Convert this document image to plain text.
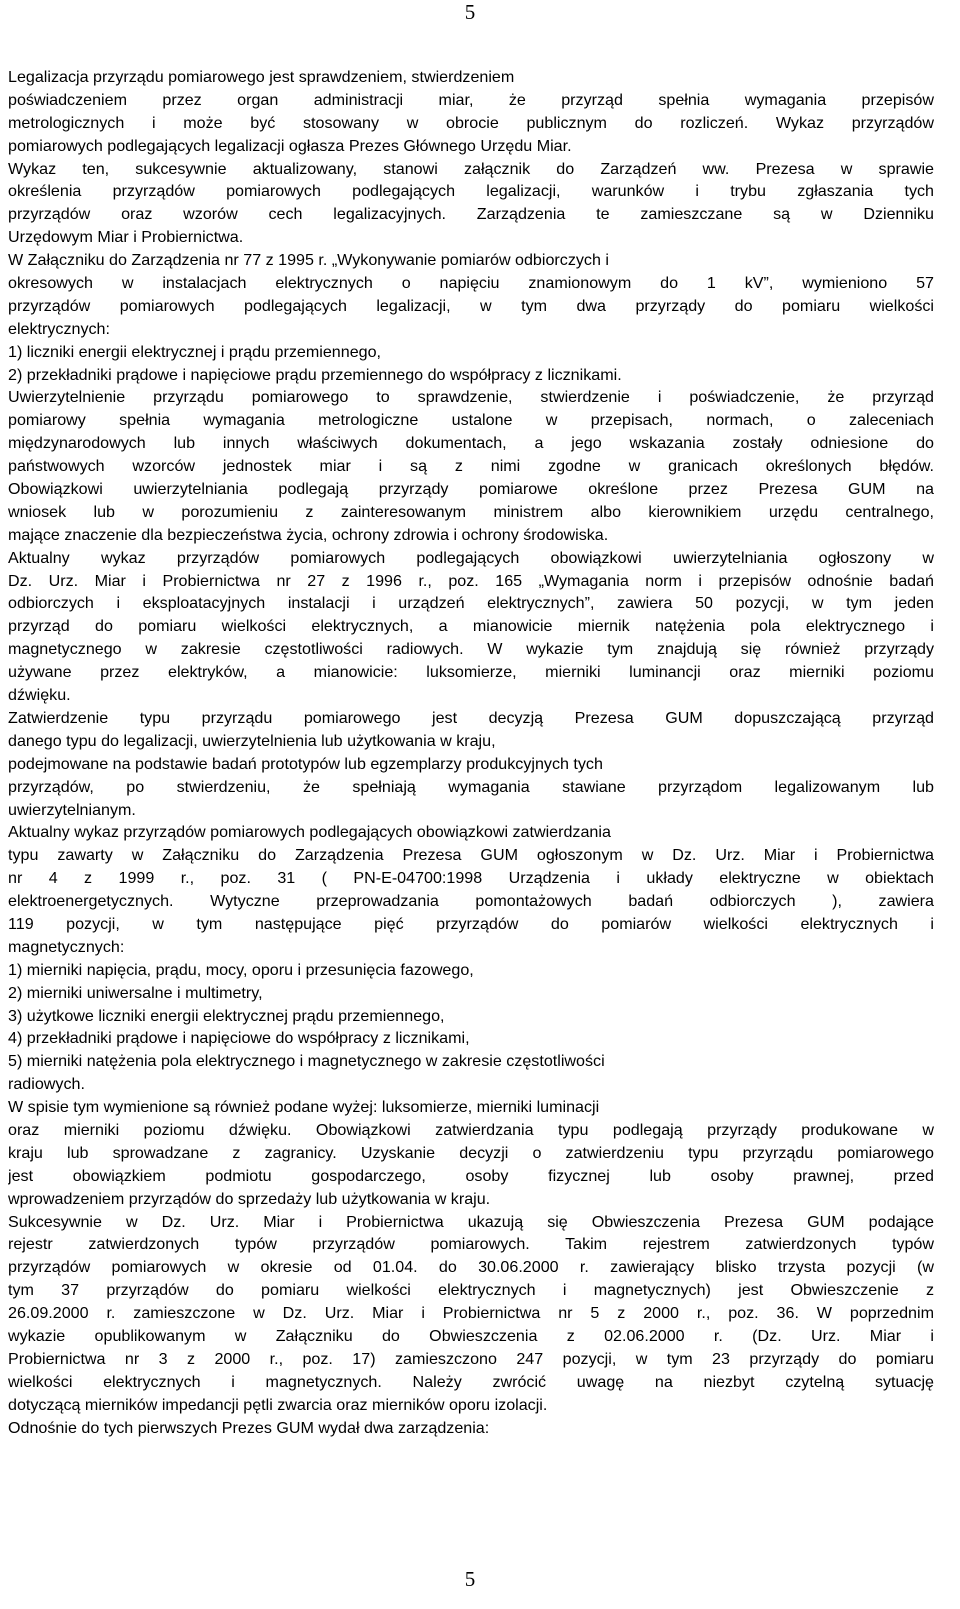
5
Legalizacja przyrządu pomiarowego jest sprawdzeniem, stwierdzeniem
poświadczeniem przez organ administracji miar, że przyrząd spełnia wymagania przepisów
metrologicznych i może być stosowany w obrocie publicznym do rozliczeń. Wykaz przyrządów
pomiarowych podlegających legalizacji ogłasza Prezes Głównego Urzędu Miar.
Wykaz ten, sukcesywnie aktualizowany, stanowi załącznik do Zarządzeń ww. Prezesa w sprawie
określenia przyrządów pomiarowych podlegających legalizacji, warunków i trybu zgłaszania tych
przyrządów oraz wzorów cech legalizacyjnych. Zarządzenia te zamieszczane są w Dzienniku
Urzędowym Miar i Probiernictwa.
W Załączniku do Zarządzenia nr 77 z 1995 r. „Wykonywanie pomiarów odbiorczych i
okresowych w instalacjach elektrycznych o napięciu znamionowym do 1 kV”, wymieniono 57
przyrządów pomiarowych podlegających legalizacji, w tym dwa przyrządy do pomiaru wielkości
elektrycznych:
1) liczniki energii elektrycznej i prądu przemiennego,
2) przekładniki prądowe i napięciowe prądu przemiennego do współpracy z licznikami.
Uwierzytelnienie przyrządu pomiarowego to sprawdzenie, stwierdzenie i poświadczenie, że przyrząd
pomiarowy spełnia wymagania metrologiczne ustalone w przepisach, normach, o zaleceniach
międzynarodowych lub innych właściwych dokumentach, a jego wskazania zostały odniesione do
państwowych wzorców jednostek miar i są z nimi zgodne w granicach określonych błędów.
Obowiązkowi uwierzytelniania podlegają przyrządy pomiarowe określone przez Prezesa GUM na
wniosek lub w porozumieniu z zainteresowanym ministrem albo kierownikiem urzędu centralnego,
mające znaczenie dla bezpieczeństwa życia, ochrony zdrowia i ochrony środowiska.
Aktualny wykaz przyrządów pomiarowych podlegających obowiązkowi uwierzytelniania ogłoszony w
Dz. Urz. Miar i Probiernictwa nr 27 z 1996 r., poz. 165 „Wymagania norm i przepisów odnośnie badań
odbiorczych i eksploatacyjnych instalacji i urządzeń elektrycznych”, zawiera 50 pozycji, w tym jeden
przyrząd do pomiaru wielkości elektrycznych, a mianowicie miernik natężenia pola elektrycznego i
magnetycznego w zakresie częstotliwości radiowych. W wykazie tym znajdują się również przyrządy
używane przez elektryków, a mianowicie: luksomierze, mierniki luminancji oraz mierniki poziomu
dźwięku.
Zatwierdzenie typu przyrządu pomiarowego jest decyzją Prezesa GUM dopuszczającą przyrząd
danego typu do legalizacji, uwierzytelnienia lub użytkowania w kraju,
podejmowane na podstawie badań prototypów lub egzemplarzy produkcyjnych tych
przyrządów, po stwierdzeniu, że spełniają wymagania stawiane przyrządom legalizowanym lub
uwierzytelnianym.
Aktualny wykaz przyrządów pomiarowych podlegających obowiązkowi zatwierdzania
typu zawarty w Załączniku do Zarządzenia Prezesa GUM ogłoszonym w Dz. Urz. Miar i Probiernictwa
nr 4 z 1999 r., poz. 31 ( PN-E-04700:1998 Urządzenia i układy elektryczne w obiektach
elektroenergetycznych. Wytyczne przeprowadzania pomontażowych badań odbiorczych ), zawiera
119 pozycji, w tym następujące pięć przyrządów do pomiarów wielkości elektrycznych i
magnetycznych:
1) mierniki napięcia, prądu, mocy, oporu i przesunięcia fazowego,
2) mierniki uniwersalne i multimetry,
3) użytkowe liczniki energii elektrycznej prądu przemiennego,
4) przekładniki prądowe i napięciowe do współpracy z licznikami,
5) mierniki natężenia pola elektrycznego i magnetycznego w zakresie częstotliwości
radiowych.
W spisie tym wymienione są również podane wyżej: luksomierze, mierniki luminacji
oraz mierniki poziomu dźwięku. Obowiązkowi zatwierdzania typu podlegają przyrządy produkowane w
kraju lub sprowadzane z zagranicy. Uzyskanie decyzji o zatwierdzeniu typu przyrządu pomiarowego
jest obowiązkiem podmiotu gospodarczego, osoby fizycznej lub osoby prawnej, przed
wprowadzeniem przyrządów do sprzedaży lub użytkowania w kraju.
Sukcesywnie w Dz. Urz. Miar i Probiernictwa ukazują się Obwieszczenia Prezesa GUM podające
rejestr zatwierdzonych typów przyrządów pomiarowych. Takim rejestrem zatwierdzonych typów
przyrządów pomiarowych w okresie od 01.04. do 30.06.2000 r. zawierający blisko trzysta pozycji (w
tym 37 przyrządów do pomiaru wielkości elektrycznych i magnetycznych) jest Obwieszczenie z
26.09.2000 r. zamieszczone w Dz. Urz. Miar i Probiernictwa nr 5 z 2000 r., poz. 36. W poprzednim
wykazie opublikowanym w Załączniku do Obwieszczenia z 02.06.2000 r. (Dz. Urz. Miar i
Probiernictwa nr 3 z 2000 r., poz. 17) zamieszczono 247 pozycji, w tym 23 przyrządy do pomiaru
wielkości elektrycznych i magnetycznych. Należy zwrócić uwagę na niezbyt czytelną sytuację
dotyczącą mierników impedancji pętli zwarcia oraz mierników oporu izolacji.
Odnośnie do tych pierwszych Prezes GUM wydał dwa zarządzenia:
5
